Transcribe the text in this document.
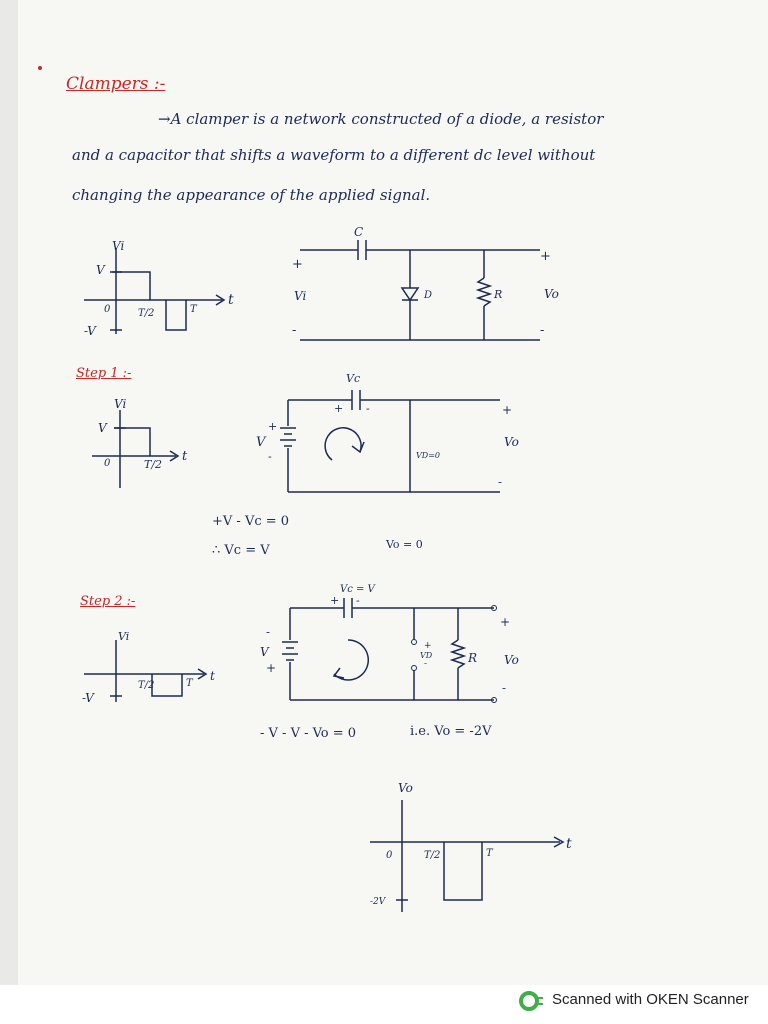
Clampers :-
→A clamper is a network constructed of a diode, a resistor
and a capacitor that shifts a waveform to a different dc level without
changing the appearance of the applied signal.
Vi
t
V
-V
0	T/2	T
C
+
Vi
-
D	R
+
Vo
-
Step 1 :-
Vi
t
V
0	T/2
Vc
+ -
V
+
-	VD=0
+
Vo
-
+V - Vc = 0
∴ Vc = V	Vo = 0
Step 2 :-
Vi
t
-V
T/2	T
Vc = V
+ -
-
V
+
+
VD
-	R
+
Vo
-
- V - V - Vo = 0	i.e. Vo = -2V
Vo
t
0	T/2	T
-2V
Scanned with OKEN Scanner
